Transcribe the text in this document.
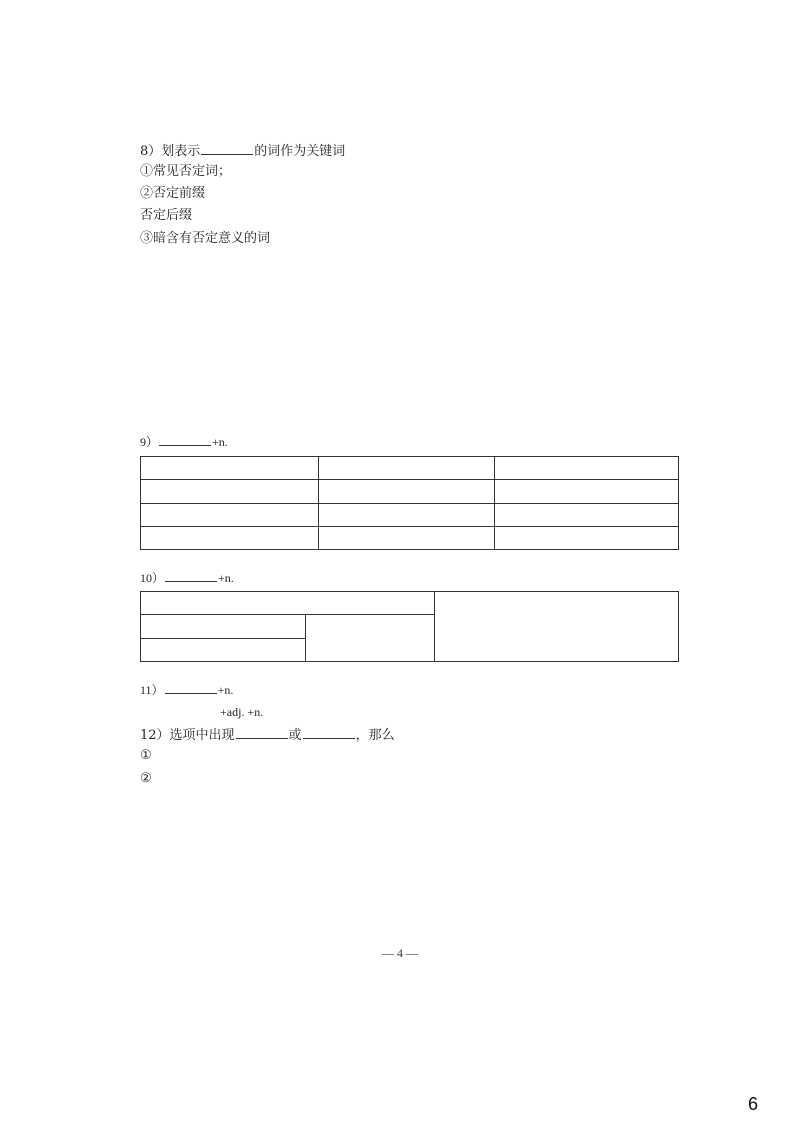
8）划表示	的词作为关键词
①常见否定词；
②否定前缀
否定后缀
③暗含有否定意义的词
9）	+n.

10）	+n.

11）	+n.
+adj. +n.
12）选项中出现	或	，那么
①
②
— 4 —
6
